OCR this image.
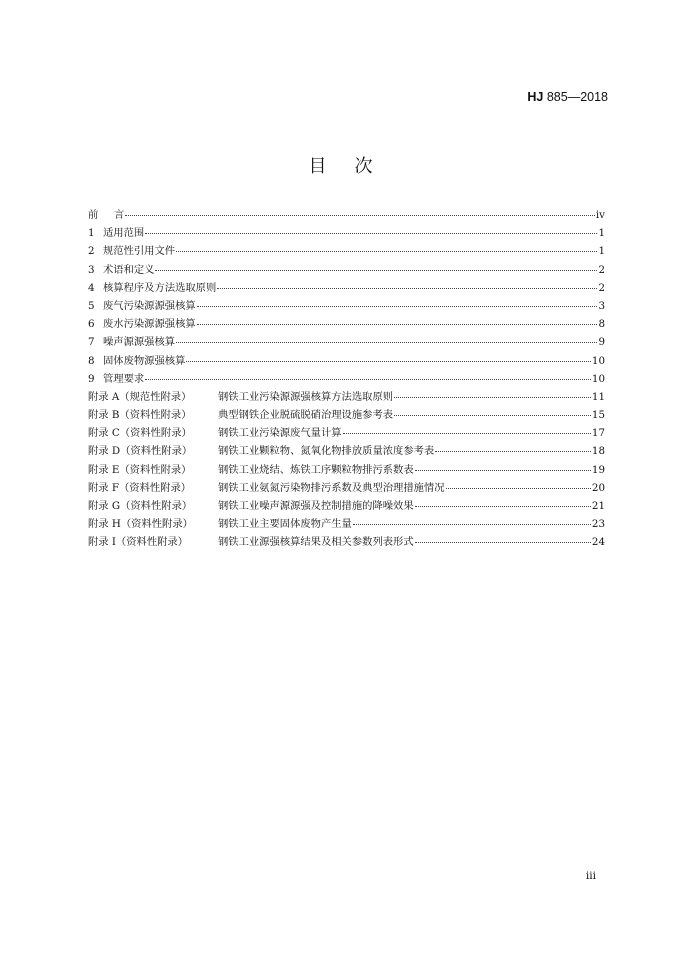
HJ 885—2018
目次
前	言	iv
1 适用范围	1
2 规范性引用文件	1
3 术语和定义	2
4 核算程序及方法选取原则	2
5 废气污染源源强核算	3
6 废水污染源源强核算	8
7 噪声源源强核算	9
8 固体废物源强核算	10
9 管理要求	10
附录 A（规范性附录）	钢铁工业污染源源强核算方法选取原则	11
附录 B（资料性附录）	典型钢铁企业脱硫脱硝治理设施参考表	15
附录 C（资料性附录）	钢铁工业污染源废气量计算	17
附录 D（资料性附录）	钢铁工业颗粒物、氮氧化物排放质量浓度参考表	18
附录 E（资料性附录）	钢铁工业烧结、炼铁工序颗粒物排污系数表	19
附录 F（资料性附录）	钢铁工业氨氮污染物排污系数及典型治理措施情况	20
附录 G（资料性附录）	钢铁工业噪声源源强及控制措施的降噪效果	21
附录 H（资料性附录）	钢铁工业主要固体废物产生量	23
附录 I（资料性附录）	钢铁工业源强核算结果及相关参数列表形式	24
iii
